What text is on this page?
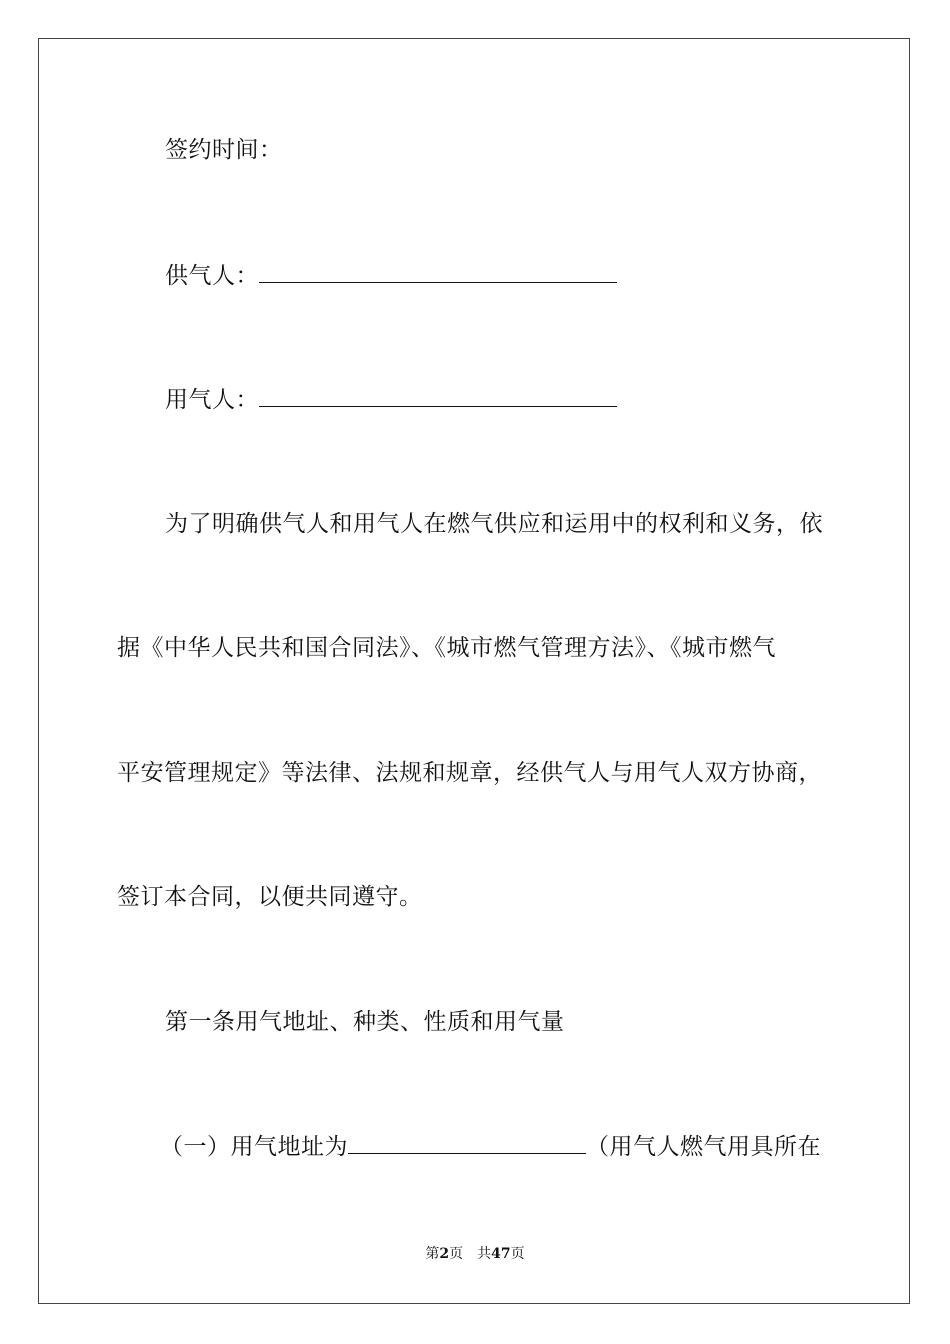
签约时间：
供气人：
用气人：
为了明确供气人和用气人在燃气供应和运用中的权利和义务，依
据《中华人民共和国合同法》、《城市燃气管理方法》、《城市燃气
平安管理规定》等法律、法规和规章，经供气人与用气人双方协商，
签订本合同，以便共同遵守。
第一条用气地址、种类、性质和用气量
（一）用气地址为	（用气人燃气用具所在
第2页　共47页
